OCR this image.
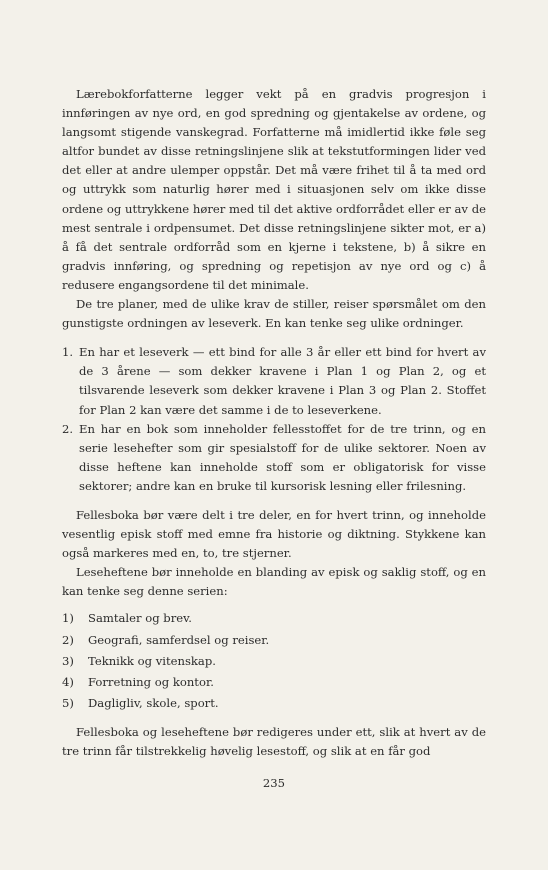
Lærebokforfatterne legger vekt på en gradvis progresjon i innføringen av nye ord, en god spredning og gjentakelse av ordene, og langsomt stigende vanskegrad. Forfatterne må imidlertid ikke føle seg altfor bundet av disse retningslinjene slik at tekstutformingen lider ved det eller at andre ulemper oppstår. Det må være frihet til å ta med ord og uttrykk som naturlig hører med i situasjonen selv om ikke disse ordene og uttrykkene hører med til det aktive ordforrådet eller er av de mest sentrale i ordpensumet. Det disse retningslinjene sikter mot, er a) å få det sentrale ordforråd som en kjerne i tekstene, b) å sikre en gradvis innføring, og spredning og repetisjon av nye ord og c) å redusere engangsordene til det minimale.

De tre planer, med de ulike krav de stiller, reiser spørsmålet om den gunstigste ordningen av leseverk. En kan tenke seg ulike ordninger.

1. En har et leseverk — ett bind for alle 3 år eller ett bind for hvert av de 3 årene — som dekker kravene i Plan 1 og Plan 2, og et tilsvarende leseverk som dekker kravene i Plan 3 og Plan 2. Stoffet for Plan 2 kan være det samme i de to leseverkene.
2. En har en bok som inneholder fellesstoffet for de tre trinn, og en serie lesehefter som gir spesialstoff for de ulike sektorer. Noen av disse heftene kan inneholde stoff som er obligatorisk for visse sektorer; andre kan en bruke til kursorisk lesning eller frilesning.

Fellesboka bør være delt i tre deler, en for hvert trinn, og inneholde vesentlig episk stoff med emne fra historie og diktning. Stykkene kan også markeres med en, to, tre stjerner.

Leseheftene bør inneholde en blanding av episk og saklig stoff, og en kan tenke seg denne serien:

1) Samtaler og brev.
2) Geografi, samferdsel og reiser.
3) Teknikk og vitenskap.
4) Forretning og kontor.
5) Dagligliv, skole, sport.

Fellesboka og leseheftene bør redigeres under ett, slik at hvert av de tre trinn får tilstrekkelig høvelig lesestoff, og slik at en får god

235
